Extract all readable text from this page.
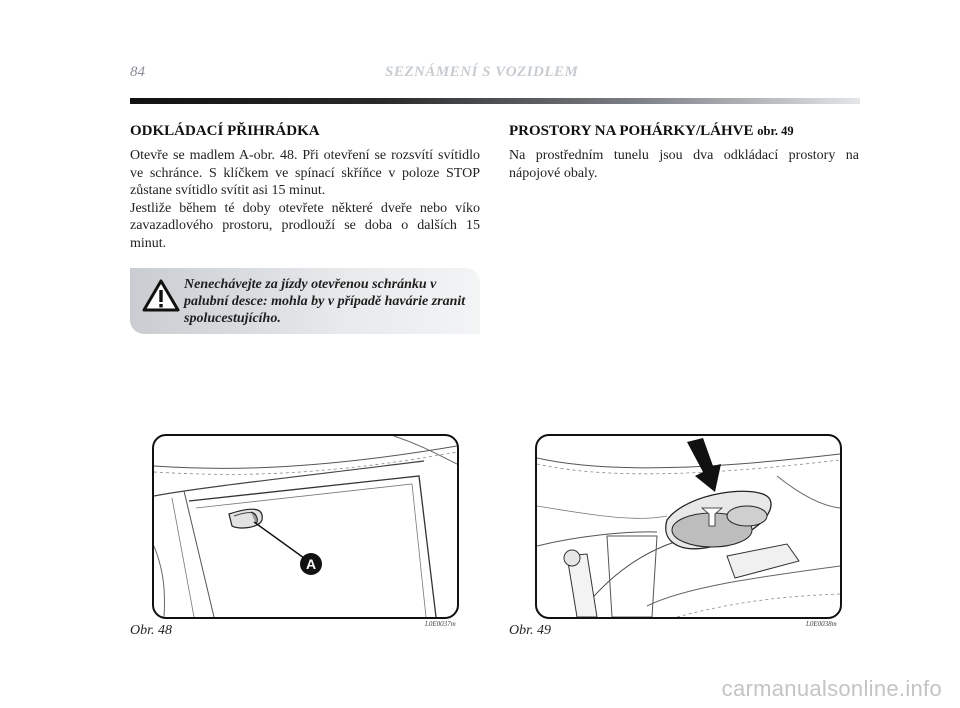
84	SEZNÁMENÍ S VOZIDLEM
ODKLÁDACÍ PŘIHRÁDKA

Otevře se madlem A-obr. 48. Při otevření se rozsvítí svítidlo ve schránce. S klíčkem ve spínací skříňce v poloze STOP zůstane svítidlo svítit asi 15 minut.

Jestliže během té doby otevřete některé dveře nebo víko zavazadlového prostoru, prodlouží se doba o dalších 15 minut.

Nenechávejte za jízdy otevřenou schránku v palubní desce: mohla by v případě havárie zranit spolucestujícího.
PROSTORY NA POHÁRKY/LÁHVE obr. 49

Na prostředním tunelu jsou dva odkládací prostory na nápojové obaly.

A
Obr. 48	L0E0037m	Obr. 49	L0E0038m
carmanualsonline.info
